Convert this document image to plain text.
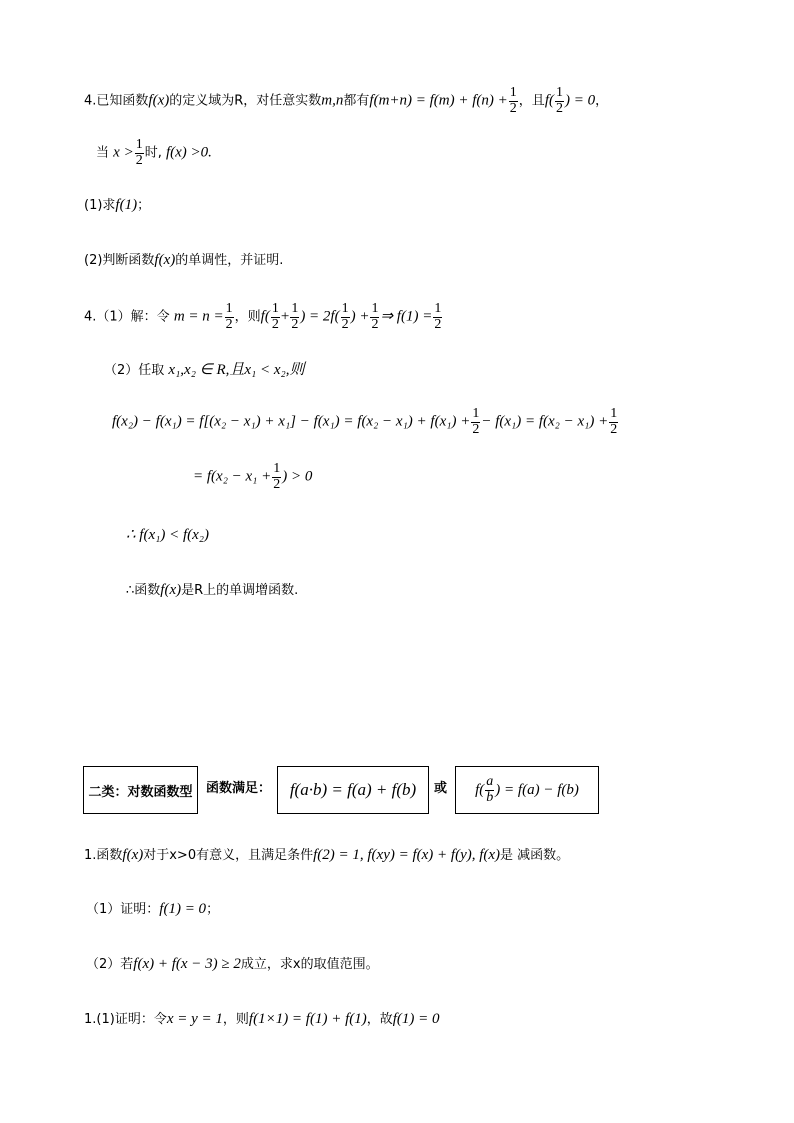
4.已知函数f(x)的定义域为R，对任意实数m,n都有$f(m+n) = f(m) + f(n) + \frac{1}{2}$ ，且$f( \frac{1}{2}$ ) = 0，
当 $x > \frac{1}{2}$ 时, f(x) >0.
(1)求f(1)；
(2)判断函数f(x)的单调性，并证明.
4.（1）解：令 $m = n = \frac{1}{2}$ ，则$f( \frac{1}{2} + \frac{1}{2}$ ) = $2f( \frac{1}{2}$ ) + $\frac{1}{2}$ ⇒ $f(1) = \frac{1}{2}$
（2）任取 x₁,x₂ ∈ R,且x₁ < x₂,则
$f(x_2) - f(x_1) = f[(x_2 - x_1) + x_1] - f(x_1) = f(x_2 - x_1) + f(x_1) + \frac{1}{2} - f(x_1) = f(x_2 - x_1) + \frac{1}{2}$
= $f(x_2 - x_1 + \frac{1}{2}$ ) > 0
∴ f(x₁) < f(x₂)
∴函数f(x)是R上的单调增函数.
二类：对数函数型 函数满足： f(a·b) = f(a) + f(b) 或 $f( \frac{a}{b}$ ) = f(a) − f(b)
1.函数f(x)对于x>0有意义，且满足条件f(2) = 1, f(xy) = f(x) + f(y), f(x)是 减函数。
（1）证明：f(1) = 0；
（2）若f(x) + f(x − 3) ≥ 2成立，求x的取值范围。
1.(1)证明：令x = y = 1，则f(1×1) = f(1) + f(1)，故f(1) = 0
